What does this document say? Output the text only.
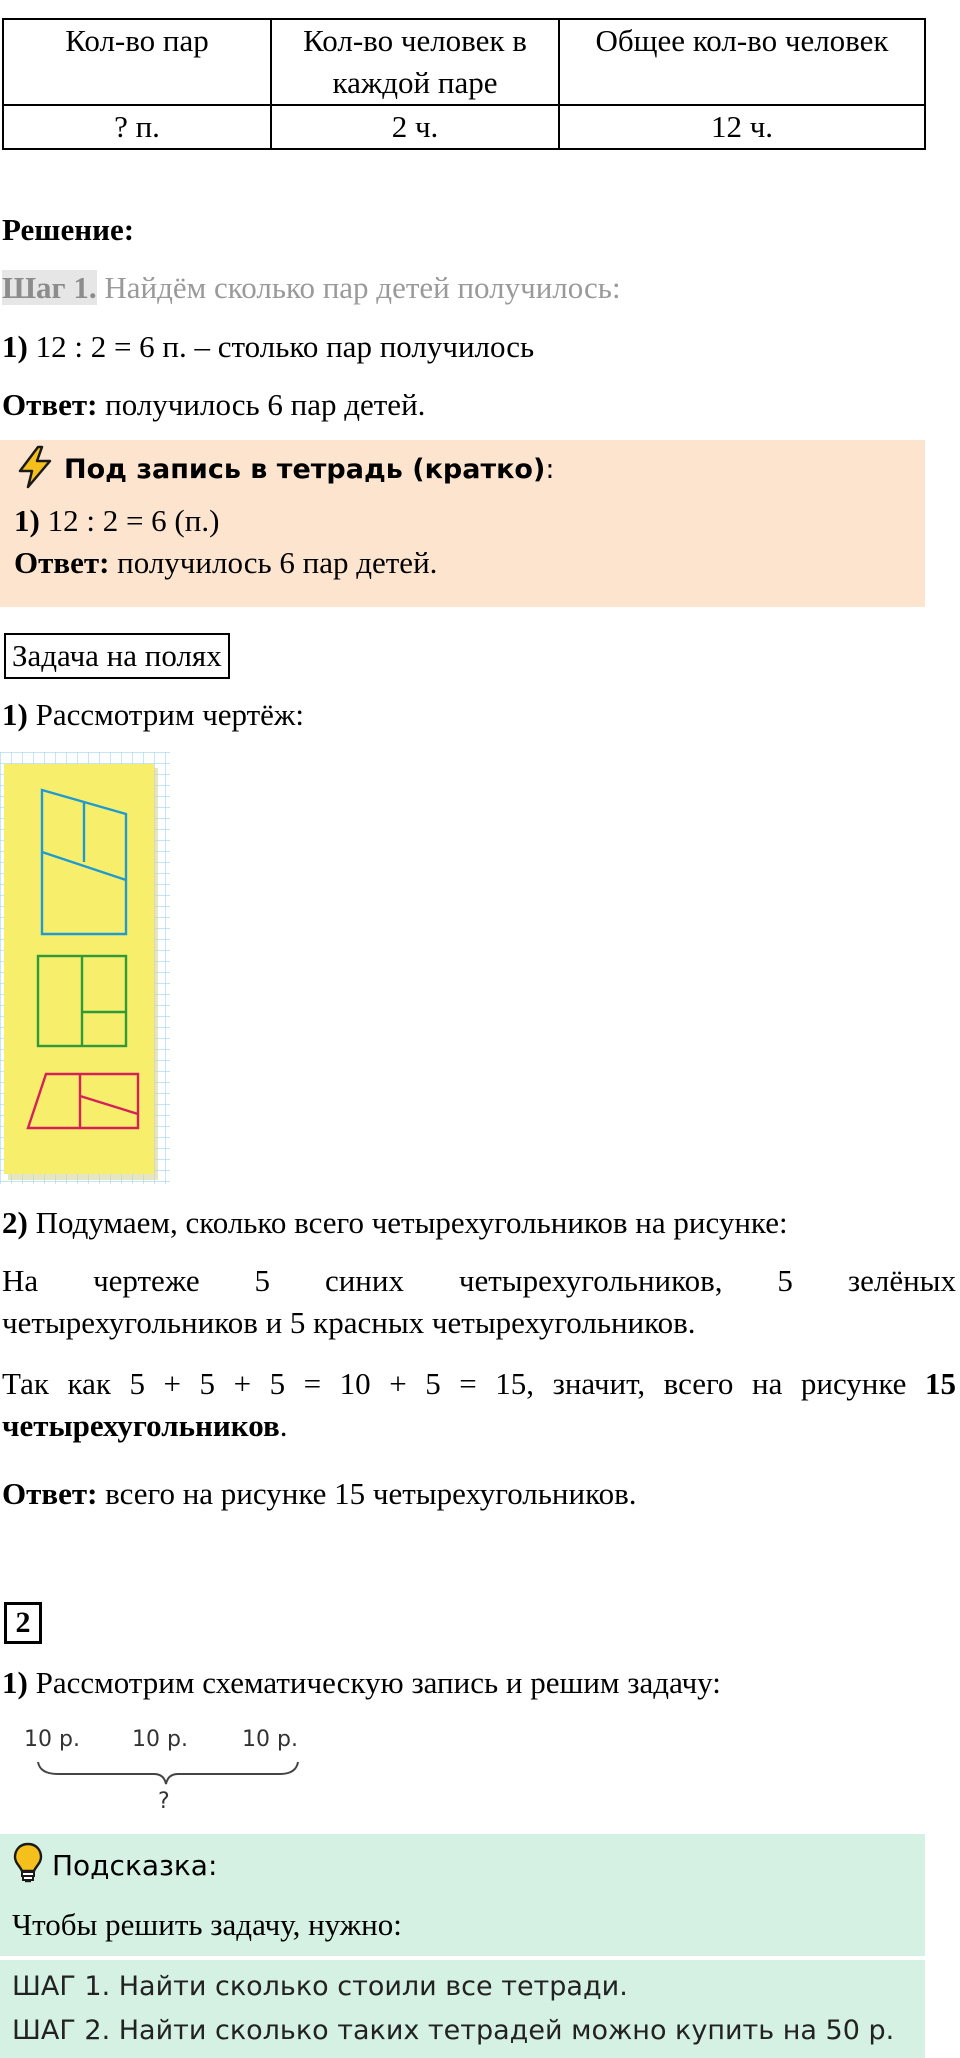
Кол-во пар	Кол-во человек в каждой паре	Общее кол-во человек
? п.	2 ч.	12 ч.
Решение:
Шаг 1. Найдём сколько пар детей получилось:
1) 12 : 2 = 6 п. – столько пар получилось
Ответ: получилось 6 пар детей.
Под запись в тетрадь (кратко):
1) 12 : 2 = 6 (п.)
Ответ: получилось 6 пар детей.
Задача на полях
1) Рассмотрим чертёж:
2) Подумаем, сколько всего четырехугольников на рисунке:
На чертеже 5 синих четырехугольников, 5 зелёных
четырехугольников и 5 красных четырехугольников.
Так как 5 + 5 + 5 = 10 + 5 = 15, значит, всего на рисунке 15 четырехугольников.
Ответ: всего на рисунке 15 четырехугольников.
2
1) Рассмотрим схематическую запись и решим задачу:
10 р. 10 р. 10 р.
?
Подсказка:
Чтобы решить задачу, нужно:
ШАГ 1. Найти сколько стоили все тетради.
ШАГ 2. Найти сколько таких тетрадей можно купить на 50 р.
